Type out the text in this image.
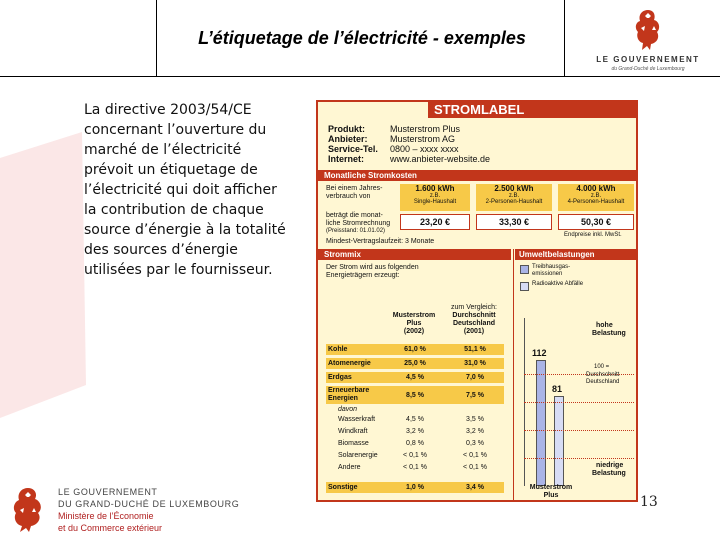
L’étiquetage de l’électricité - exemples
LE GOUVERNEMENT
du Grand-Duché de Luxembourg
La directive 2003/54/CE concernant l’ouverture du marché de l’électricité prévoit un étiquetage de l’électricité qui doit afficher la contribution de chaque source d’énergie à la totalité des sources d’énergie utilisées par le fournisseur.
STROMLABEL
Produkt:	Musterstrom Plus
Anbieter: Musterstrom AG
Service-Tel. 0800 – xxxx xxxx
Internet:	www.anbieter-website.de
Monatliche Stromkosten
Bei einem Jahres-
verbrauch von
1.600 kWh
z.B.
Single-Haushalt
2.500 kWh
z.B.
2-Personen-Haushalt
4.000 kWh
z.B.
4-Personen-Haushalt
beträgt die monat-
liche Stromrechnung
(Preisstand: 01.01.02)
23,20 €	33,30 €	50,30 €
Endpreise inkl. MwSt.
Mindest-Vertragslaufzeit: 3 Monate
Strommix	Umweltbelastungen
Der Strom wird aus folgenden
Energieträgern erzeugt:
zum Vergleich:
Musterstrom
Plus
(2002)
Durchschnitt
Deutschland
(2001)
Kohle	61,0 %	51,1 %
Atomenergie	25,0 %	31,0 %
Erdgas	4,5 %	7,0 %
Erneuerbare Energien	8,5 %	7,5 %
davon
Wasserkraft	4,5 %	3,5 %
Windkraft	3,2 %	3,2 %
Biomasse	0,8 %	0,3 %
Solarenergie	< 0,1 %	< 0,1 %
Andere	< 0,1 %	< 0,1 %
Sonstige	1,0 %	3,4 %
Treibhausgas-emissionen
Radioaktive Abfälle
hohe
Belastung
112
81
100 =
Durchschnitt
Deutschland
niedrige
Belastung
Musterstrom
Plus
LE GOUVERNEMENT
DU GRAND-DUCHÉ DE LUXEMBOURG
Ministère de l’Économie
et du Commerce extérieur
13
